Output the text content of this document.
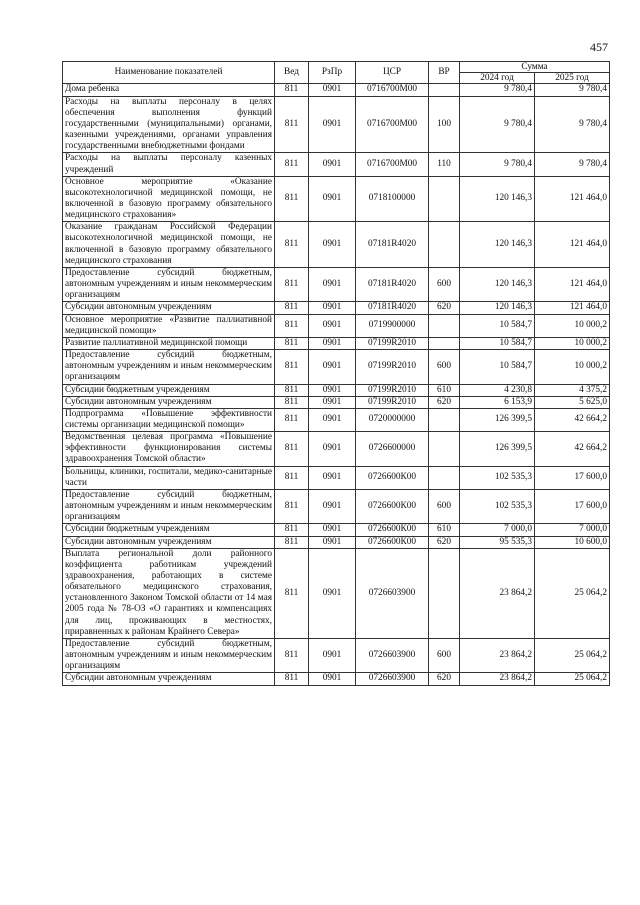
457
Наименование показателей	Вед	РзПр	ЦСР	ВР	Сумма	
					2024 год	2025 год
Дома ребенка	811	0901	0716700М00		9 780,4	9 780,4
Расходы на выплаты персоналу в целях обеспечения выполнения функций государственными (муниципальными) органами, казенными учреждениями, органами управления государственными внебюджетными фондами	811	0901	0716700М00	100	9 780,4	9 780,4
Расходы на выплаты персоналу казенных учреждений	811	0901	0716700М00	110	9 780,4	9 780,4
Основное мероприятие «Оказание высокотехнологичной медицинской помощи, не включенной в базовую программу обязательного медицинского страхования»	811	0901	0718100000		120 146,3	121 464,0
Оказание гражданам Российской Федерации высокотехнологичной медицинской помощи, не включенной в базовую программу обязательного медицинского страхования	811	0901	07181R4020		120 146,3	121 464,0
Предоставление субсидий бюджетным, автономным учреждениям и иным некоммерческим организациям	811	0901	07181R4020	600	120 146,3	121 464,0
Субсидии автономным учреждениям	811	0901	07181R4020	620	120 146,3	121 464,0
Основное мероприятие «Развитие паллиативной медицинской помощи»	811	0901	0719900000		10 584,7	10 000,2
Развитие паллиативной медицинской помощи	811	0901	07199R2010		10 584,7	10 000,2
Предоставление субсидий бюджетным, автономным учреждениям и иным некоммерческим организациям	811	0901	07199R2010	600	10 584,7	10 000,2
Субсидии бюджетным учреждениям	811	0901	07199R2010	610	4 230,8	4 375,2
Субсидии автономным учреждениям	811	0901	07199R2010	620	6 153,9	5 625,0
Подпрограмма «Повышение эффективности системы организации медицинской помощи»	811	0901	0720000000		126 399,5	42 664,2
Ведомственная целевая программа «Повышение эффективности функционирования системы здравоохранения Томской области»	811	0901	0726600000		126 399,5	42 664,2
Больницы, клиники, госпитали, медико-санитарные части	811	0901	0726600К00		102 535,3	17 600,0
Предоставление субсидий бюджетным, автономным учреждениям и иным некоммерческим организациям	811	0901	0726600К00	600	102 535,3	17 600,0
Субсидии бюджетным учреждениям	811	0901	0726600К00	610	7 000,0	7 000,0
Субсидии автономным учреждениям	811	0901	0726600К00	620	95 535,3	10 600,0
Выплата региональной доли районного коэффициента работникам учреждений здравоохранения, работающих в системе обязательного медицинского страхования, установленного Законом Томской области от 14 мая 2005 года № 78-ОЗ «О гарантиях и компенсациях для лиц, проживающих в местностях, приравненных к районам Крайнего Севера»	811	0901	0726603900		23 864,2	25 064,2
Предоставление субсидий бюджетным, автономным учреждениям и иным некоммерческим организациям	811	0901	0726603900	600	23 864,2	25 064,2
Субсидии автономным учреждениям	811	0901	0726603900	620	23 864,2	25 064,2
